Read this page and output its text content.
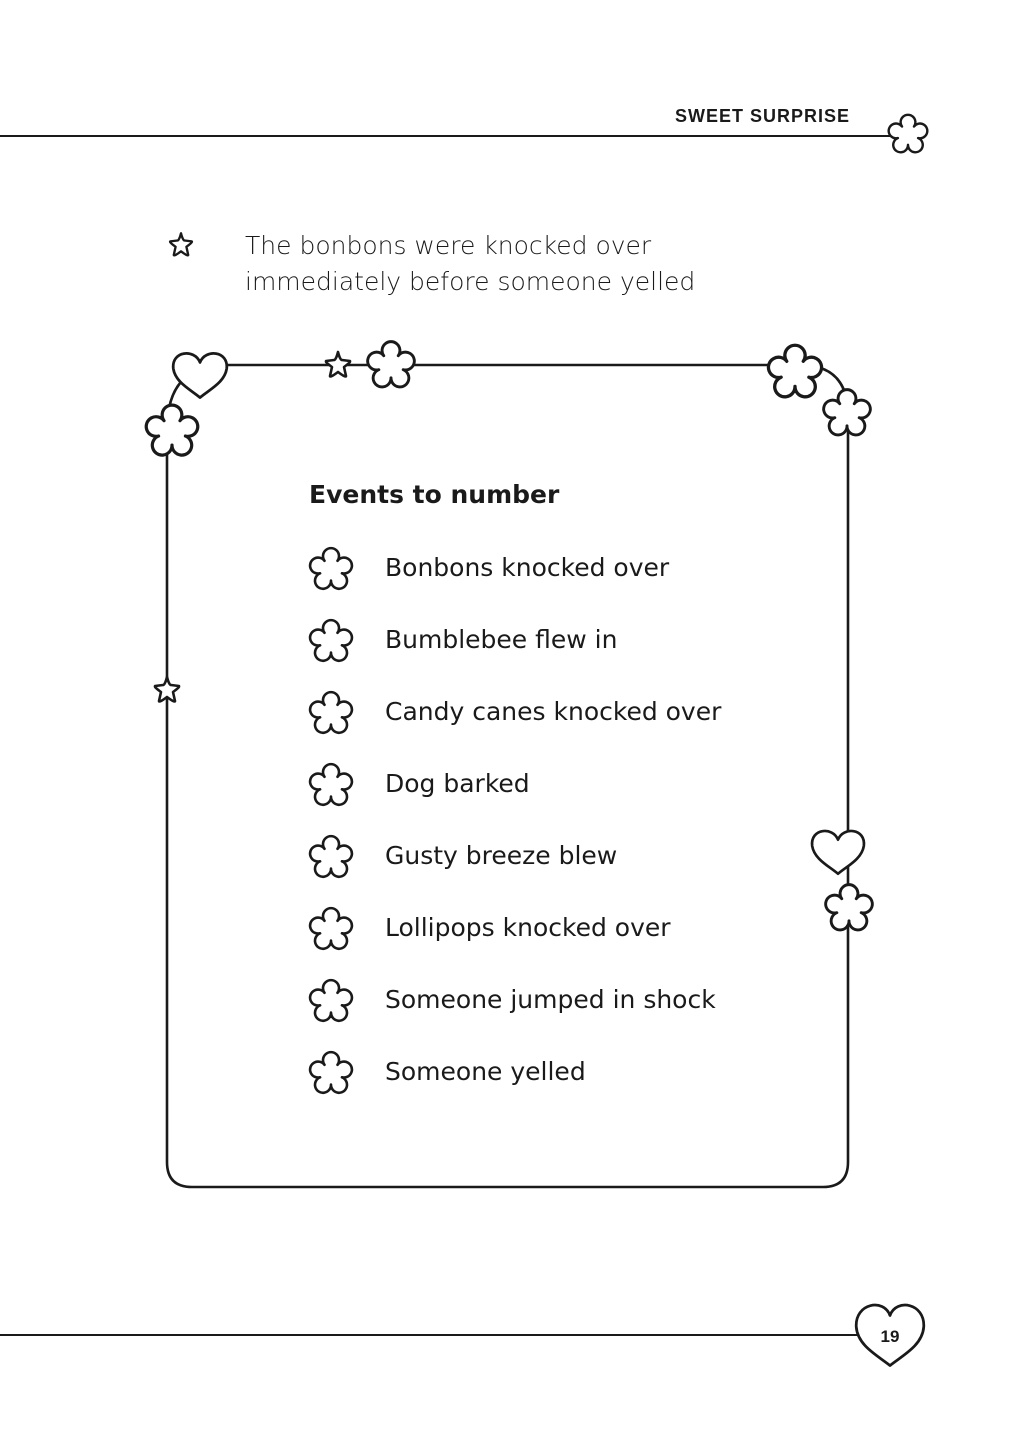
SWEET SURPRISE
The bonbons were knocked over
immediately before someone yelled
Events to number
Bonbons knocked over
Bumblebee flew in
Candy canes knocked over
Dog barked
Gusty breeze blew
Lollipops knocked over
Someone jumped in shock
Someone yelled
19
